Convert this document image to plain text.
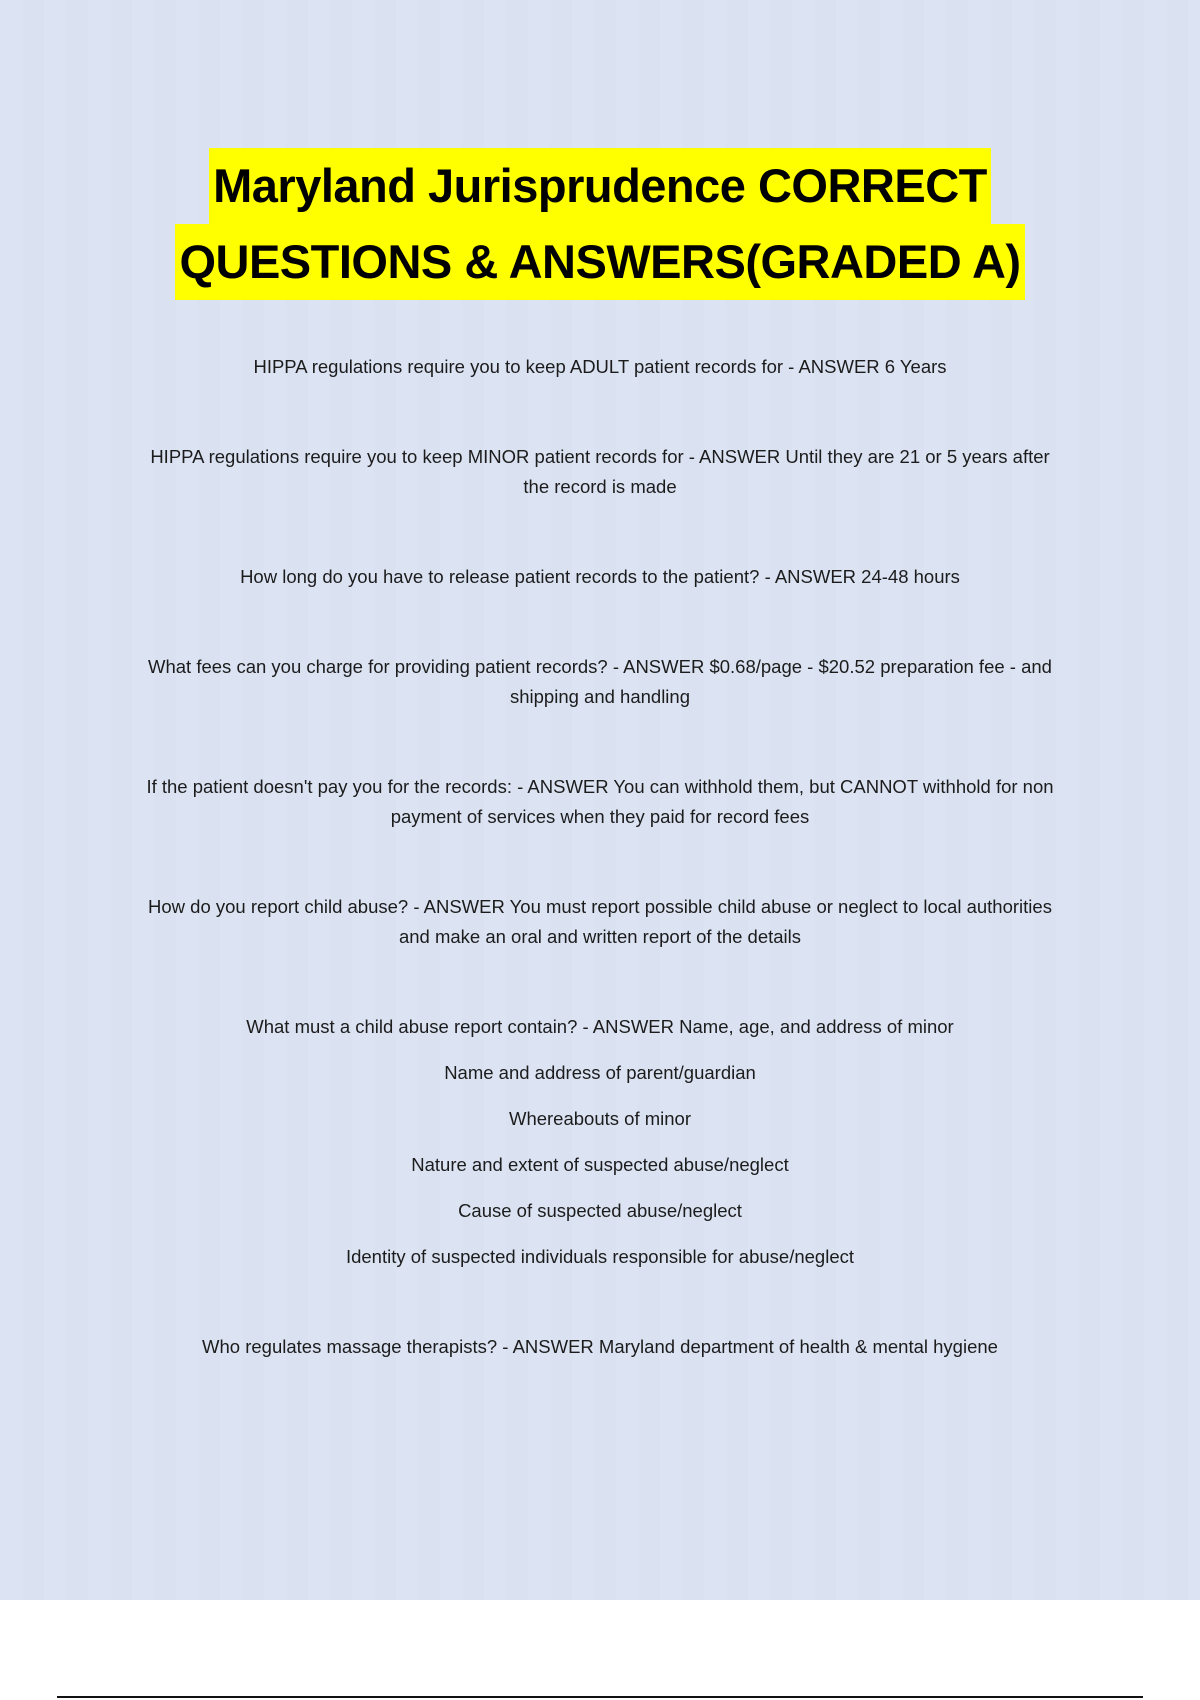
Maryland Jurisprudence CORRECT
QUESTIONS & ANSWERS(GRADED A)

HIPPA regulations require you to keep ADULT patient records for - ANSWER 6 Years

HIPPA regulations require you to keep MINOR patient records for - ANSWER Until they are 21 or 5 years after the record is made

How long do you have to release patient records to the patient? - ANSWER 24-48 hours

What fees can you charge for providing patient records? - ANSWER $0.68/page - $20.52 preparation fee - and shipping and handling

If the patient doesn't pay you for the records: - ANSWER You can withhold them, but CANNOT withhold for non payment of services when they paid for record fees

How do you report child abuse? - ANSWER You must report possible child abuse or neglect to local authorities and make an oral and written report of the details

What must a child abuse report contain? - ANSWER Name, age, and address of minor

Name and address of parent/guardian

Whereabouts of minor

Nature and extent of suspected abuse/neglect

Cause of suspected abuse/neglect

Identity of suspected individuals responsible for abuse/neglect

Who regulates massage therapists? - ANSWER Maryland department of health & mental hygiene
